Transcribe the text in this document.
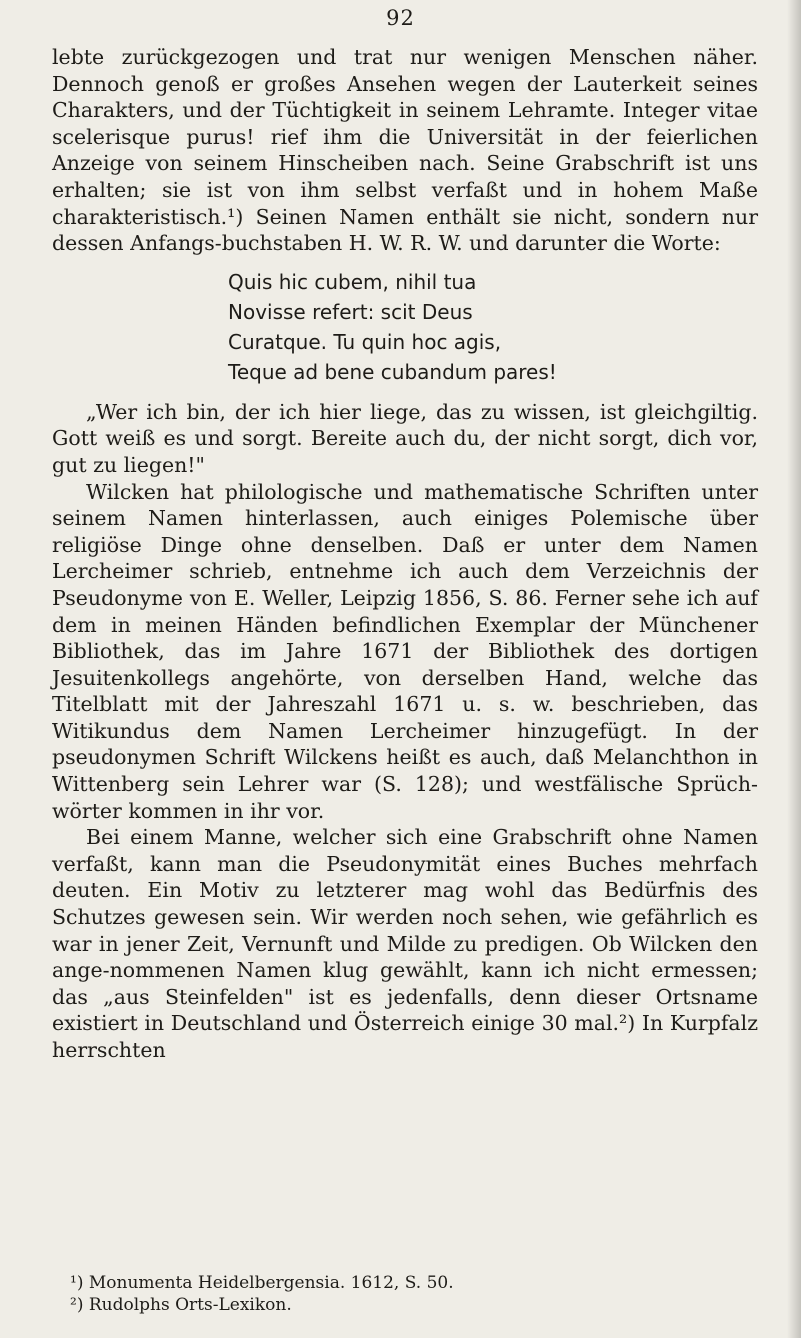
92

lebte zurückgezogen und trat nur wenigen Menschen näher. Dennoch genoß er großes Ansehen wegen der Lauterkeit seines Charakters, und der Tüchtigkeit in seinem Lehramte. Integer vitae scelerisque purus! rief ihm die Universität in der feierlichen Anzeige von seinem Hinscheiben nach. Seine Grabschrift ist uns erhalten; sie ist von ihm selbst verfaßt und in hohem Maße charakteristisch.¹) Seinen Namen enthält sie nicht, sondern nur dessen Anfangs-buchstaben H. W. R. W. und darunter die Worte:

Quis hic cubem, nihil tua
Novisse refert: scit Deus
Curatque. Tu quin hoc agis,
Teque ad bene cubandum pares!

„Wer ich bin, der ich hier liege, das zu wissen, ist gleichgiltig. Gott weiß es und sorgt. Bereite auch du, der nicht sorgt, dich vor, gut zu liegen!"

Wilcken hat philologische und mathematische Schriften unter seinem Namen hinterlassen, auch einiges Polemische über religiöse Dinge ohne denselben. Daß er unter dem Namen Lercheimer schrieb, entnehme ich auch dem Verzeichnis der Pseudonyme von E. Weller, Leipzig 1856, S. 86. Ferner sehe ich auf dem in meinen Händen befindlichen Exemplar der Münchener Bibliothek, das im Jahre 1671 der Bibliothek des dortigen Jesuitenkollegs angehörte, von derselben Hand, welche das Titelblatt mit der Jahreszahl 1671 u. s. w. beschrieben, das Witikundus dem Namen Lercheimer hinzugefügt. In der pseudonymen Schrift Wilckens heißt es auch, daß Melanchthon in Wittenberg sein Lehrer war (S. 128); und westfälische Sprüch-wörter kommen in ihr vor.

Bei einem Manne, welcher sich eine Grabschrift ohne Namen verfaßt, kann man die Pseudonymität eines Buches mehrfach deuten. Ein Motiv zu letzterer mag wohl das Bedürfnis des Schutzes gewesen sein. Wir werden noch sehen, wie gefährlich es war in jener Zeit, Vernunft und Milde zu predigen. Ob Wilcken den ange-nommenen Namen klug gewählt, kann ich nicht ermessen; das „aus Steinfelden" ist es jedenfalls, denn dieser Ortsname existiert in Deutschland und Österreich einige 30 mal.²) In Kurpfalz herrschten

¹) Monumenta Heidelbergensia. 1612, S. 50.
²) Rudolphs Orts-Lexikon.
